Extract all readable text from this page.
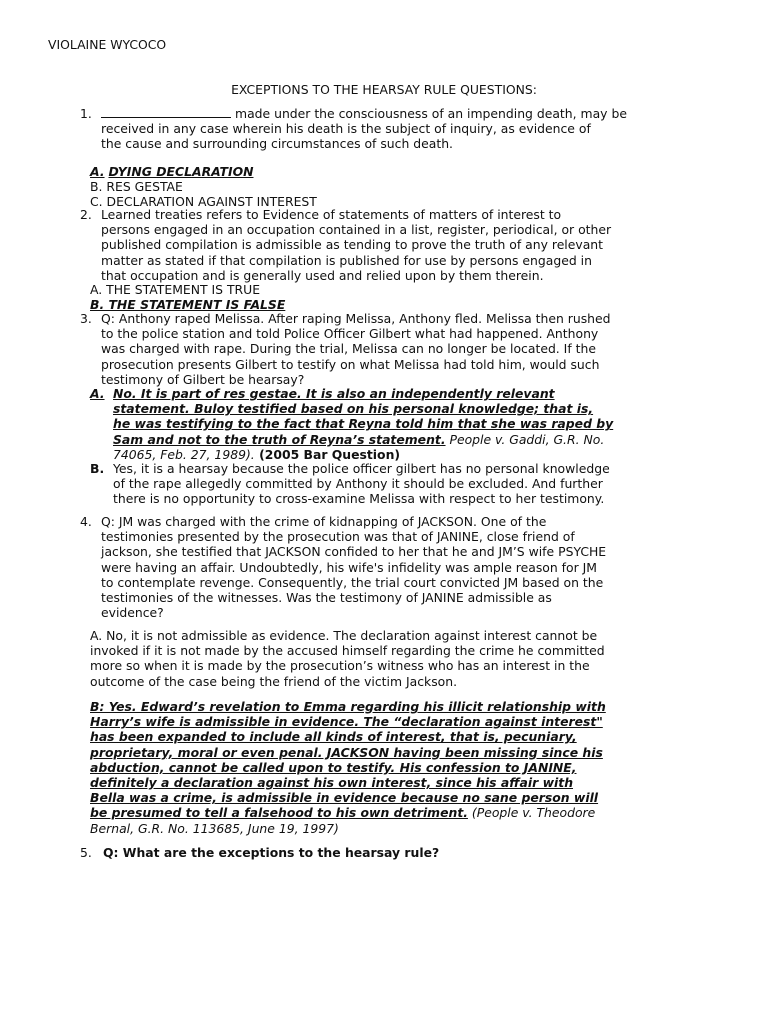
VIOLAINE WYCOCO
EXCEPTIONS TO THE HEARSAY RULE QUESTIONS:
1.	made under the consciousness of an impending death, may be
received in any case wherein his death is the subject of inquiry, as evidence of
the cause and surrounding circumstances of such death.
A. DYING DECLARATION
B. RES GESTAE
C. DECLARATION AGAINST INTEREST
2. Learned treaties refers to Evidence of statements of matters of interest to
persons engaged in an occupation contained in a list, register, periodical, or other
published compilation is admissible as tending to prove the truth of any relevant
matter as stated if that compilation is published for use by persons engaged in
that occupation and is generally used and relied upon by them therein.
A. THE STATEMENT IS TRUE
B. THE STATEMENT IS FALSE
3. Q: Anthony raped Melissa. After raping Melissa, Anthony fled. Melissa then rushed
to the police station and told Police Officer Gilbert what had happened. Anthony
was charged with rape. During the trial, Melissa can no longer be located. If the
prosecution presents Gilbert to testify on what Melissa had told him, would such
testimony of Gilbert be hearsay?
A. No. It is part of res gestae. It is also an independently relevant
statement. Buloy testified based on his personal knowledge; that is,
he was testifying to the fact that Reyna told him that she was raped by
Sam and not to the truth of Reyna’s statement. People v. Gaddi, G.R. No.
74065, Feb. 27, 1989). (2005 Bar Question)
B. Yes, it is a hearsay because the police officer gilbert has no personal knowledge
of the rape allegedly committed by Anthony it should be excluded. And further
there is no opportunity to cross-examine Melissa with respect to her testimony.
4. Q: JM was charged with the crime of kidnapping of JACKSON. One of the
testimonies presented by the prosecution was that of JANINE, close friend of
jackson, she testified that JACKSON confided to her that he and JM’S wife PSYCHE
were having an affair. Undoubtedly, his wife's infidelity was ample reason for JM
to contemplate revenge. Consequently, the trial court convicted JM based on the
testimonies of the witnesses. Was the testimony of JANINE admissible as
evidence?
A. No, it is not admissible as evidence. The declaration against interest cannot be
invoked if it is not made by the accused himself regarding the crime he committed
more so when it is made by the prosecution’s witness who has an interest in the
outcome of the case being the friend of the victim Jackson.
B: Yes. Edward’s revelation to Emma regarding his illicit relationship with
Harry’s wife is admissible in evidence. The “declaration against interest"
has been expanded to include all kinds of interest, that is, pecuniary,
proprietary, moral or even penal. JACKSON having been missing since his
abduction, cannot be called upon to testify. His confession to JANINE,
definitely a declaration against his own interest, since his affair with
Bella was a crime, is admissible in evidence because no sane person will
be presumed to tell a falsehood to his own detriment. (People v. Theodore
Bernal, G.R. No. 113685, June 19, 1997)
5. Q: What are the exceptions to the hearsay rule?
